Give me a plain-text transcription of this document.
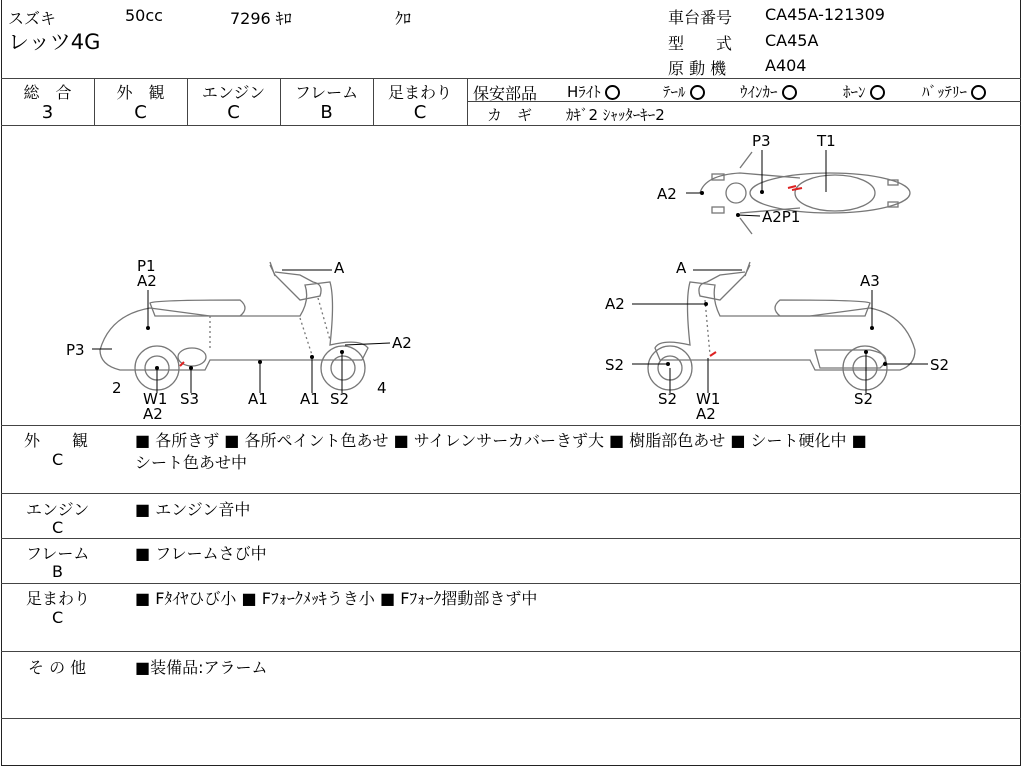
スズキ	50cc	7296 ｷﾛ	ｸﾛ
レッツ4G
車台番号 CA45A-121309
型　　式 CA45A
原 動 機 A404
総　合
3
外　観
C
エンジン
C
フレーム
B
足まわり
C
保安部品 Hﾗｲﾄ	ﾃｰﾙ	ｳｲﾝｶｰ	ﾎｰﾝ	ﾊﾞｯﾃﾘｰ
カ　ギ ｶｷﾞ2 ｼｬｯﾀｰｷｰ2
P1
A2
A
P3	A2
2
W1
A2
S3	A1 A1 S2
4
P3	T1
A2
A2P1
A
A3
A2
S2
S2 W1
A2
S2
S2
外　　観
C
■ 各所きず ■ 各所ペイント色あせ ■ サイレンサーカバーきず大 ■ 樹脂部色あせ ■ シート硬化中 ■
シート色あせ中
エンジン
C
■ エンジン音中
フレーム
B
■ フレームさび中
足まわり
C
■ Fﾀｲﾔひび小 ■ Fﾌｫｰｸﾒｯｷうき小 ■ Fﾌｫｰｸ摺動部きず中
そ の 他	■装備品:アラーム
